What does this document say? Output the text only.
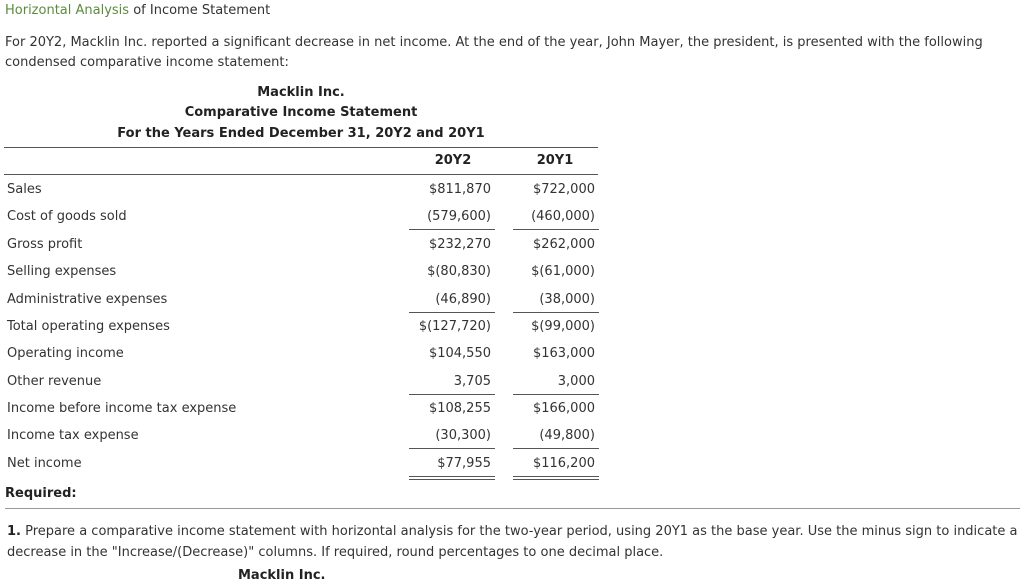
Horizontal Analysis of Income Statement
For 20Y2, Macklin Inc. reported a significant decrease in net income. At the end of the year, John Mayer, the president, is presented with the following condensed comparative income statement:
Macklin Inc.
Comparative Income Statement
For the Years Ended December 31, 20Y2 and 20Y1
20Y2	20Y1
Sales	$811,870	$722,000
Cost of goods sold	(579,600)	(460,000)
Gross profit	$232,270	$262,000
Selling expenses	$(80,830)	$(61,000)
Administrative expenses	(46,890)	(38,000)
Total operating expenses	$(127,720)	$(99,000)
Operating income	$104,550	$163,000
Other revenue	3,705	3,000
Income before income tax expense	$108,255	$166,000
Income tax expense	(30,300)	(49,800)
Net income	$77,955	$116,200
Required:
1. Prepare a comparative income statement with horizontal analysis for the two-year period, using 20Y1 as the base year. Use the minus sign to indicate a decrease in the "Increase/(Decrease)" columns. If required, round percentages to one decimal place.
Macklin Inc.
